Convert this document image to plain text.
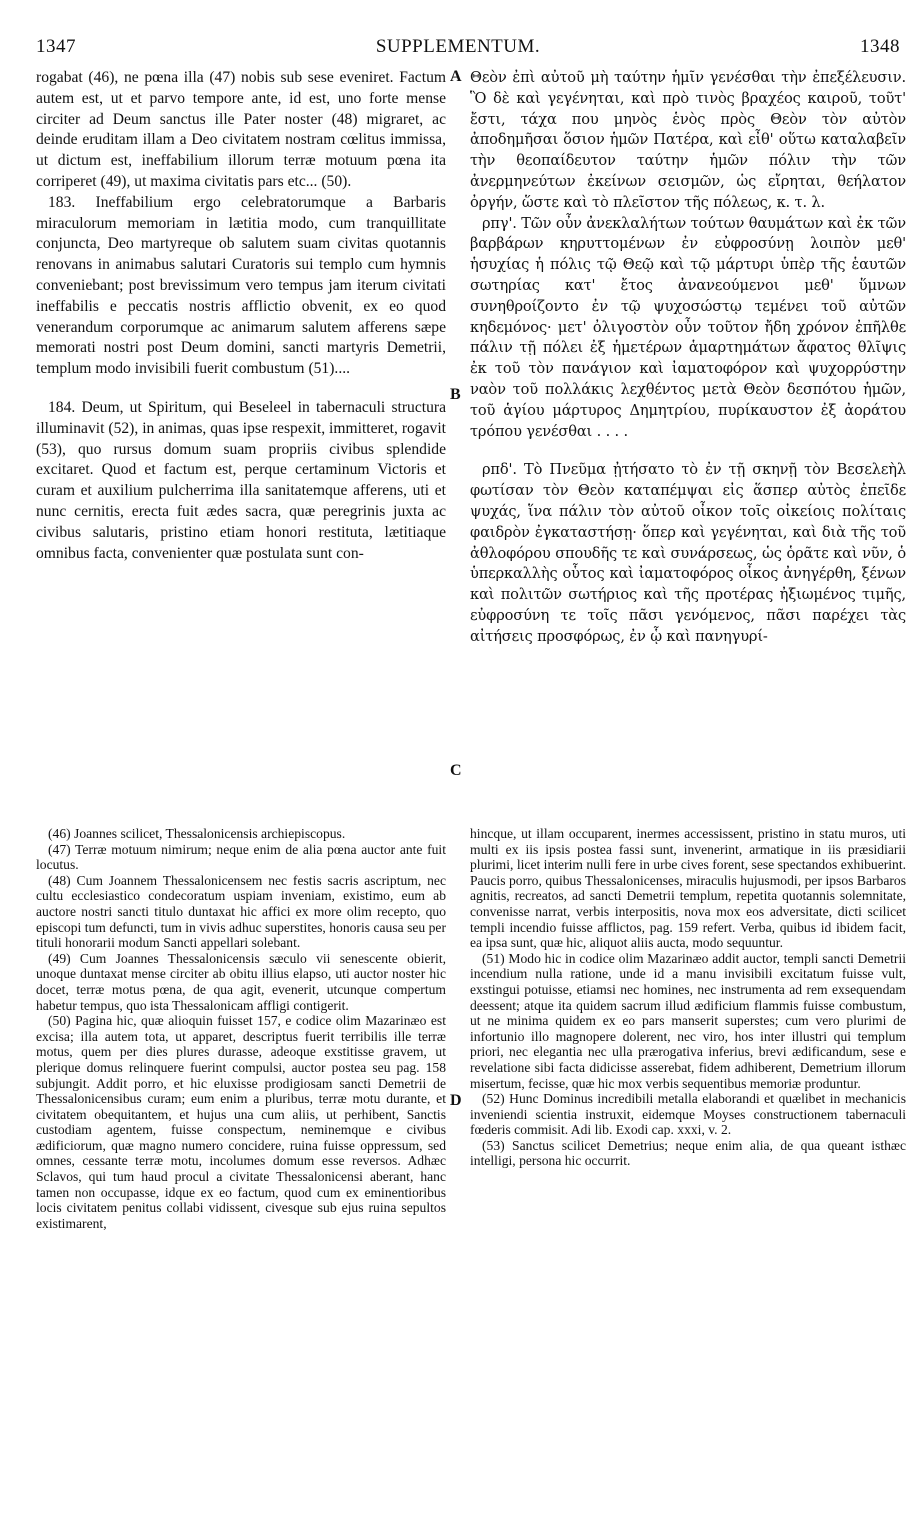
1347	SUPPLEMENTUM.	1348
A
B
C
D

rogabat (46), ne pœna illa (47) nobis sub sese eveniret. Factum autem est, ut et parvo tempore ante, id est, uno forte mense circiter ad Deum sanctus ille Pater noster (48) migraret, ac deinde eruditam illam a Deo civitatem nostram cœlitus immissa, ut dictum est, ineffabilium illorum terræ motuum pœna ita corriperet (49), ut maxima civitatis pars etc... (50).

183. Ineffabilium ergo celebratorumque a Barbaris miraculorum memoriam in lætitia modo, cum tranquillitate conjuncta, Deo martyreque ob salutem suam civitas quotannis renovans in animabus salutari Curatoris sui templo cum hymnis conveniebant; post brevissimum vero tempus jam iterum civitati ineffabilis e peccatis nostris afflictio obvenit, ex eo quod venerandum corporumque ac animarum salutem afferens sæpe memorati nostri post Deum domini, sancti martyris Demetrii, templum modo invisibili fuerit combustum (51)....

184. Deum, ut Spiritum, qui Beseleel in tabernaculi structura illuminavit (52), in animas, quas ipse respexit, immitteret, rogavit (53), quo rursus domum suam propriis civibus splendide excitaret. Quod et factum est, perque certaminum Victoris et curam et auxilium pulcherrima illa sanitatemque afferens, uti et nunc cernitis, erecta fuit ædes sacra, quæ peregrinis juxta ac civibus salutaris, pristino etiam honori restituta, lætitiaque omnibus facta, convenienter quæ postulata sunt con-

Θεὸν ἐπὶ αὐτοῦ μὴ ταύτην ἡμῖν γενέσθαι τὴν ἐπεξέλευσιν. Ὃ δὲ καὶ γεγένηται, καὶ πρὸ τινὸς βραχέος καιροῦ, τοῦτ' ἔστι, τάχα που μηνὸς ἑνὸς πρὸς Θεὸν τὸν αὐτὸν ἀποδημῆσαι ὅσιον ἡμῶν Πατέρα, καὶ εἶθ' οὕτω καταλαβεῖν τὴν θεοπαίδευτον ταύτην ἡμῶν πόλιν τὴν τῶν ἀνερμηνεύτων ἐκείνων σεισμῶν, ὡς εἴρηται, θεήλατον ὀργήν, ὥστε καὶ τὸ πλεῖστον τῆς πόλεως, κ. τ. λ.

ρπγ'. Τῶν οὖν ἀνεκλαλήτων τούτων θαυμάτων καὶ ἐκ τῶν βαρβάρων κηρυττομένων ἐν εὐφροσύνῃ λοιπὸν μεθ' ἡσυχίας ἡ πόλις τῷ Θεῷ καὶ τῷ μάρτυρι ὑπὲρ τῆς ἑαυτῶν σωτηρίας κατ' ἔτος ἀνανεούμενοι μεθ' ὕμνων συνηθροίζοντο ἐν τῷ ψυχοσώστῳ τεμένει τοῦ αὐτῶν κηδεμόνος· μετ' ὀλιγοστὸν οὖν τοῦτον ἤδη χρόνον ἐπῆλθε πάλιν τῇ πόλει ἐξ ἡμετέρων ἁμαρτημάτων ἄφατος θλῖψις ἐκ τοῦ τὸν πανάγιον καὶ ἰαματοφόρον καὶ ψυχορρύστην ναὸν τοῦ πολλάκις λεχθέντος μετὰ Θεὸν δεσπότου ἡμῶν, τοῦ ἁγίου μάρτυρος Δημητρίου, πυρίκαυστον ἐξ ἀοράτου τρόπου γενέσθαι . . . .

ρπδ'. Τὸ Πνεῦμα ᾐτήσατο τὸ ἐν τῇ σκηνῇ τὸν Βεσελεὴλ φωτίσαν τὸν Θεὸν καταπέμψαι εἰς ἅσπερ αὐτὸς ἐπεῖδε ψυχάς, ἵνα πάλιν τὸν αὐτοῦ οἶκον τοῖς οἰκείοις πολίταις φαιδρὸν ἐγκαταστήσῃ· ὅπερ καὶ γεγένηται, καὶ διὰ τῆς τοῦ ἀθλοφόρου σπουδῆς τε καὶ συνάρσεως, ὡς ὁρᾶτε καὶ νῦν, ὁ ὑπερκαλλὴς οὗτος καὶ ἰαματοφόρος οἶκος ἀνηγέρθη, ξένων καὶ πολιτῶν σωτήριος καὶ τῆς προτέρας ἠξιωμένος τιμῆς, εὐφροσύνη τε τοῖς πᾶσι γενόμενος, πᾶσι παρέχει τὰς αἰτήσεις προσφόρως, ἐν ᾧ καὶ πανηγυρί-

(46) Joannes scilicet, Thessalonicensis archiepiscopus.

(47) Terræ motuum nimirum; neque enim de alia pœna auctor ante fuit locutus.

(48) Cum Joannem Thessalonicensem nec festis sacris ascriptum, nec cultu ecclesiastico condecoratum uspiam inveniam, existimo, eum ab auctore nostri sancti titulo duntaxat hic affici ex more olim recepto, quo episcopi tum defuncti, tum in vivis adhuc superstites, honoris causa seu per tituli honorarii modum Sancti appellari solebant.

(49) Cum Joannes Thessalonicensis sæculo vii senescente obierit, unoque duntaxat mense circiter ab obitu illius elapso, uti auctor noster hic docet, terræ motus pœna, de qua agit, evenerit, utcunque compertum habetur tempus, quo ista Thessalonicam affligi contigerit.

(50) Pagina hic, quæ alioquin fuisset 157, e codice olim Mazarinæo est excisa; illa autem tota, ut apparet, descriptus fuerit terribilis ille terræ motus, quem per dies plures durasse, adeoque exstitisse gravem, ut plerique domus relinquere fuerint compulsi, auctor postea seu pag. 158 subjungit. Addit porro, et hic eluxisse prodigiosam sancti Demetrii de Thessalonicensibus curam; eum enim a pluribus, terræ motu durante, et civitatem obequitantem, et hujus una cum aliis, ut perhibent, Sanctis custodiam agentem, fuisse conspectum, neminemque e civibus ædificiorum, quæ magno numero concidere, ruina fuisse oppressum, sed omnes, cessante terræ motu, incolumes domum esse reversos. Adhæc Sclavos, qui tum haud procul a civitate Thessalonicensi aberant, hanc tamen non occupasse, idque ex eo factum, quod cum ex eminentioribus locis civitatem penitus collabi vidissent, civesque sub ejus ruina sepultos existimarent,

hincque, ut illam occuparent, inermes accessissent, pristino in statu muros, uti multi ex iis ipsis postea fassi sunt, invenerint, armatique in iis præsidiarii plurimi, licet interim nulli fere in urbe cives forent, sese spectandos exhibuerint. Paucis porro, quibus Thessalonicenses, miraculis hujusmodi, per ipsos Barbaros agnitis, recreatos, ad sancti Demetrii templum, repetita quotannis solemnitate, convenisse narrat, verbis interpositis, nova mox eos adversitate, dicti scilicet templi incendio fuisse afflictos, pag. 159 refert. Verba, quibus id ibidem facit, ea ipsa sunt, quæ hic, aliquot aliis aucta, modo sequuntur.

(51) Modo hic in codice olim Mazarinæo addit auctor, templi sancti Demetrii incendium nulla ratione, unde id a manu invisibili excitatum fuisse vult, exstingui potuisse, etiamsi nec homines, nec instrumenta ad rem exsequendam deessent; atque ita quidem sacrum illud ædificium flammis fuisse combustum, ut ne minima quidem ex eo pars manserit superstes; cum vero plurimi de infortunio illo magnopere dolerent, nec viro, hos inter illustri qui templum priori, nec elegantia nec ulla prærogativa inferius, brevi ædificandum, sese e revelatione sibi facta didicisse asserebat, fidem adhiberent, Demetrium illorum misertum, fecisse, quæ hic mox verbis sequentibus memoriæ produntur.

(52) Hunc Dominus incredibili metalla elaborandi et quælibet in mechanicis inveniendi scientia instruxit, eidemque Moyses constructionem tabernaculi fœderis commisit. Adi lib. Exodi cap. xxxi, v. 2.

(53) Sanctus scilicet Demetrius; neque enim alia, de qua queant isthæc intelligi, persona hic occurrit.
